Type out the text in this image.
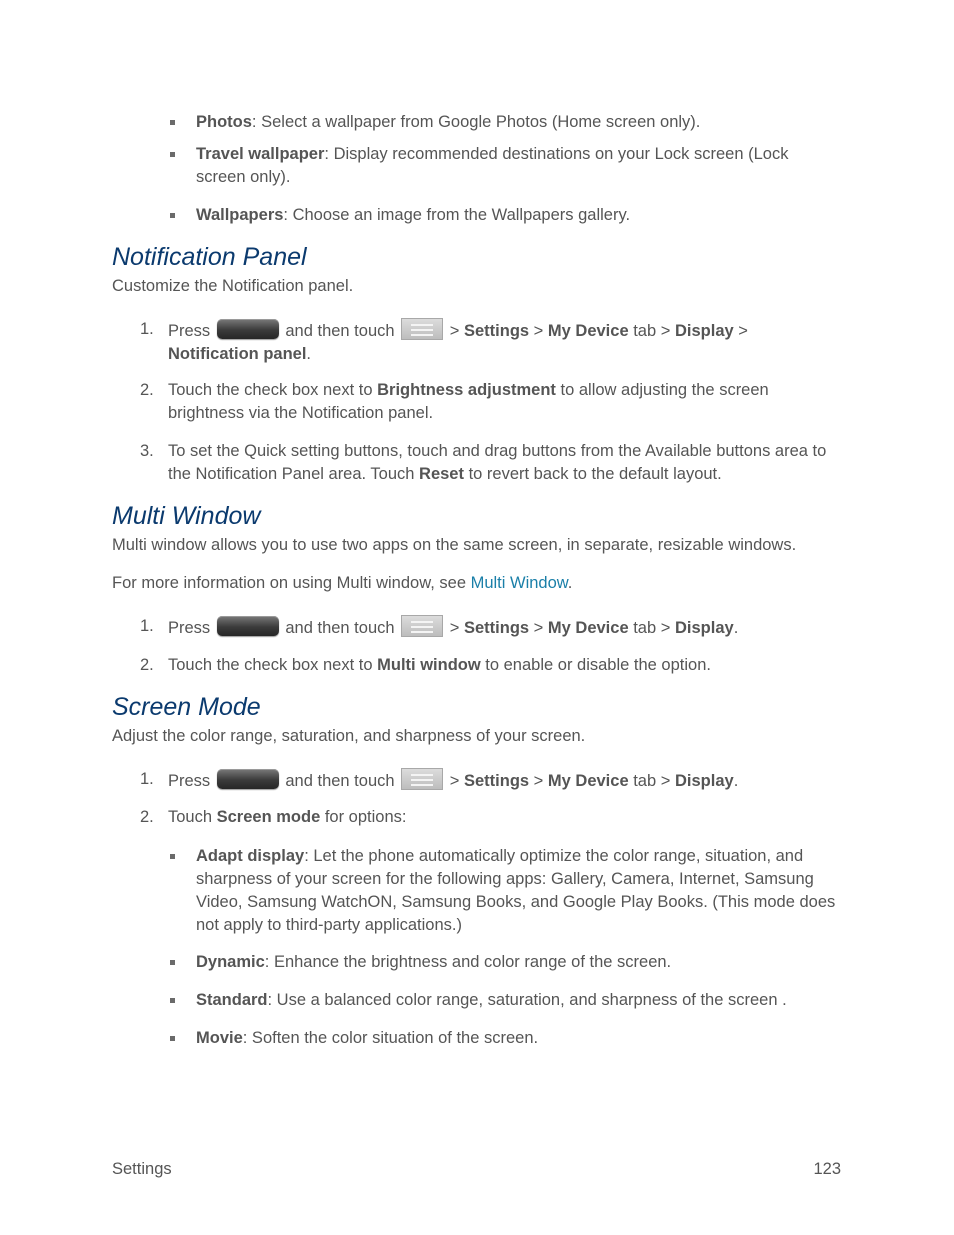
Photos: Select a wallpaper from Google Photos (Home screen only).
Travel wallpaper: Display recommended destinations on your Lock screen (Lock screen only).
Wallpapers: Choose an image from the Wallpapers gallery.
Notification Panel
Customize the Notification panel.
1. Press	and then touch	> Settings > My Device tab > Display >
Notification panel.
2. Touch the check box next to Brightness adjustment to allow adjusting the screen brightness via the Notification panel.
3. To set the Quick setting buttons, touch and drag buttons from the Available buttons area to the Notification Panel area. Touch Reset to revert back to the default layout.
Multi Window
Multi window allows you to use two apps on the same screen, in separate, resizable windows.
For more information on using Multi window, see Multi Window.
1. Press	and then touch	> Settings > My Device tab > Display.
2. Touch the check box next to Multi window to enable or disable the option.
Screen Mode
Adjust the color range, saturation, and sharpness of your screen.
1. Press	and then touch	> Settings > My Device tab > Display.
2. Touch Screen mode for options:
Adapt display: Let the phone automatically optimize the color range, situation, and sharpness of your screen for the following apps: Gallery, Camera, Internet, Samsung Video, Samsung WatchON, Samsung Books, and Google Play Books. (This mode does not apply to third-party applications.)
Dynamic: Enhance the brightness and color range of the screen.
Standard: Use a balanced color range, saturation, and sharpness of the screen .
Movie: Soften the color situation of the screen.
Settings	123
